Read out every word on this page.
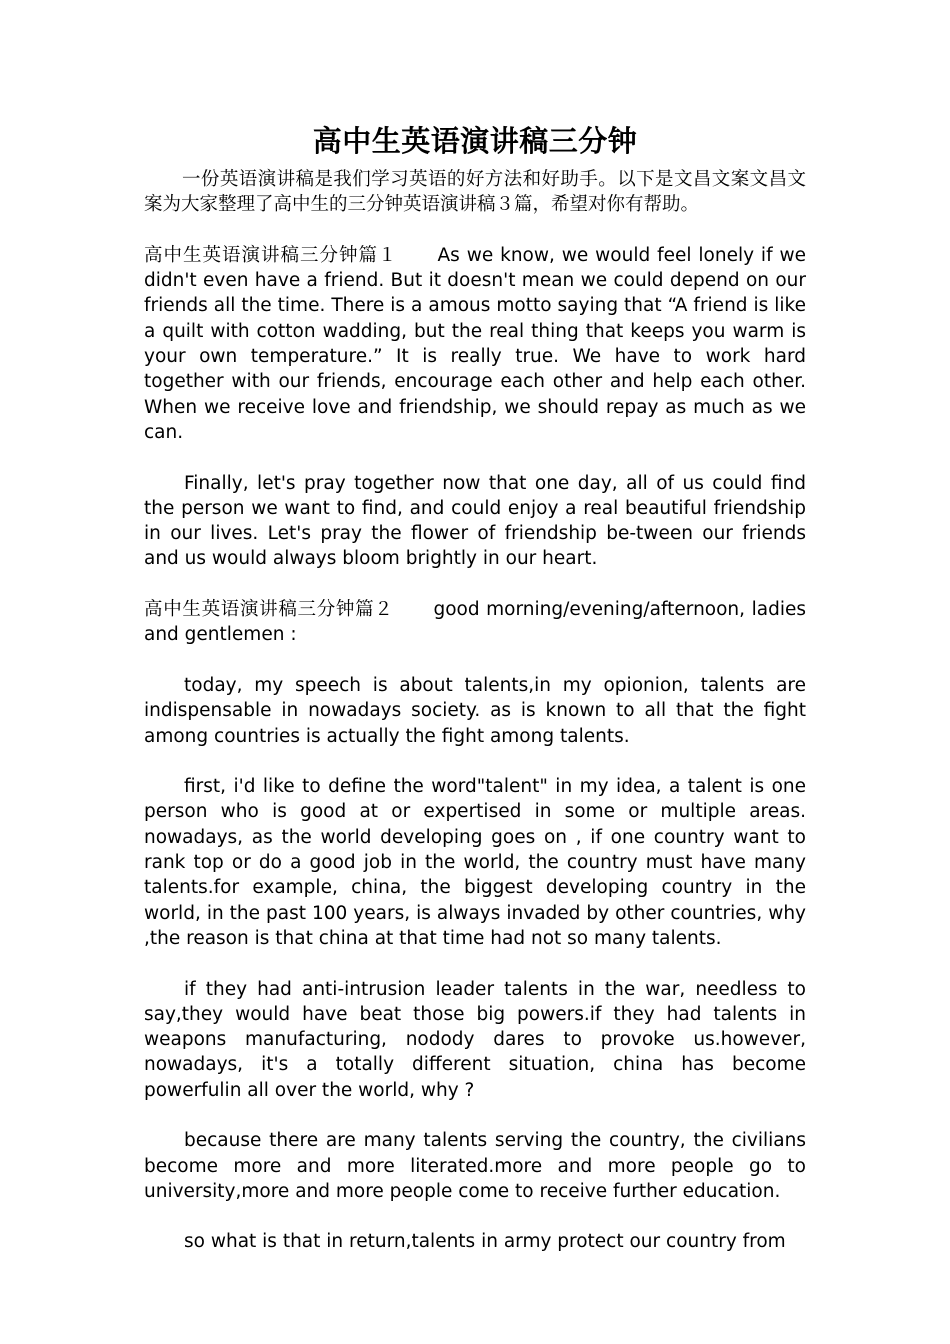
高中生英语演讲稿三分钟

一份英语演讲稿是我们学习英语的好方法和好助手。以下是文昌文案文昌文案为大家整理了高中生的三分钟英语演讲稿３篇，希望对你有帮助。

高中生英语演讲稿三分钟篇１ As we know, we would feel lonely if we didn't even have a friend. But it doesn't mean we could depend on our friends all the time. There is a amous motto saying that “A friend is like a quilt with cotton wadding, but the real thing that keeps you warm is your own temperature.” It is really true. We have to work hard together with our friends, encourage each other and help each other. When we receive love and friendship, we should repay as much as we can.

Finally, let's pray together now that one day, all of us could find the person we want to find, and could enjoy a real beautiful friendship in our lives. Let's pray the flower of friendship be-tween our friends and us would always bloom brightly in our heart.

高中生英语演讲稿三分钟篇２ good morning/evening/afternoon, ladies and gentlemen :

today, my speech is about talents,in my opionion, talents are indispensable in nowadays society. as is known to all that the fight among countries is actually the fight among talents.

first, i'd like to define the word"talent" in my idea, a talent is one person who is good at or expertised in some or multiple areas. nowadays, as the world developing goes on , if one country want to rank top or do a good job in the world, the country must have many talents.for example, china, the biggest developing country in the world, in the past 100 years, is always invaded by other countries, why ,the reason is that china at that time had not so many talents.

if they had anti-intrusion leader talents in the war, needless to say,they would have beat those big powers.if they had talents in weapons manufacturing, nodody dares to provoke us.however, nowadays, it's a totally different situation, china has become powerfulin all over the world, why ?

because there are many talents serving the country, the civilians become more and more literated.more and more people go to university,more and more people come to receive further education.

so what is that in return,talents in army protect our country from
